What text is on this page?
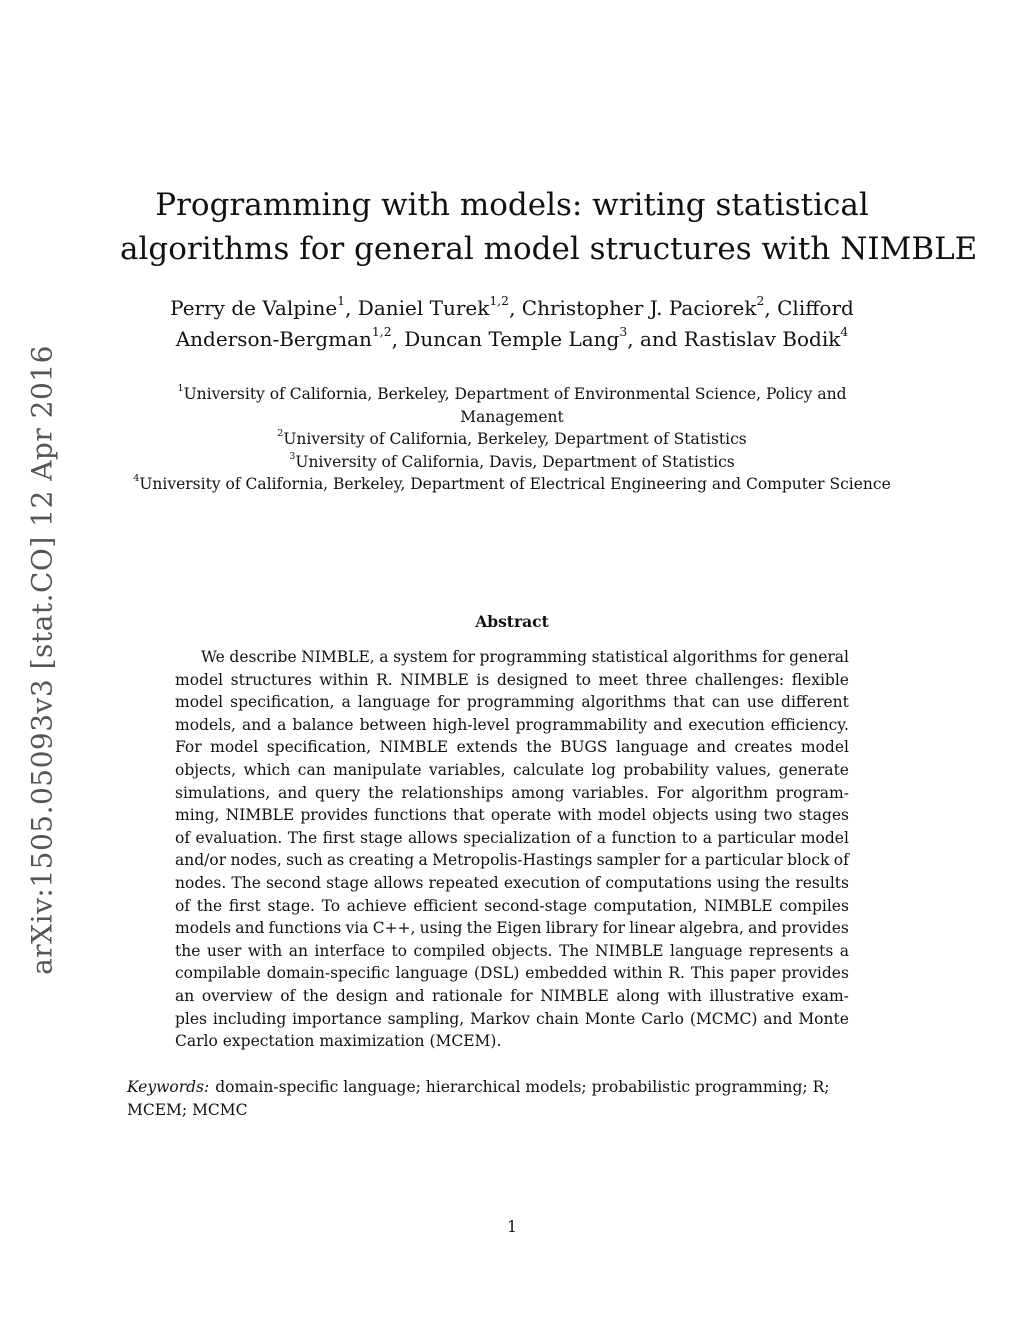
arXiv:1505.05093v3 [stat.CO] 12 Apr 2016
Programming with models: writing statistical
algorithms for general model structures with NIMBLE
Perry de Valpine$^1$, Daniel Turek$^{1,2}$, Christopher J. Paciorek$^2$, Clifford
Anderson-Bergman$^{1,2}$, Duncan Temple Lang$^3$, and Rastislav Bodik$^4$
$^1$University of California, Berkeley, Department of Environmental Science, Policy and
Management
$^2$University of California, Berkeley, Department of Statistics
$^3$University of California, Davis, Department of Statistics
$^4$University of California, Berkeley, Department of Electrical Engineering and Computer Science
Abstract
We describe NIMBLE, a system for programming statistical algorithms for general
model structures within R. NIMBLE is designed to meet three challenges: flexible
model specification, a language for programming algorithms that can use different
models, and a balance between high-level programmability and execution efficiency.
For model specification, NIMBLE extends the BUGS language and creates model
objects, which can manipulate variables, calculate log probability values, generate
simulations, and query the relationships among variables. For algorithm program-
ming, NIMBLE provides functions that operate with model objects using two stages
of evaluation. The first stage allows specialization of a function to a particular model
and/or nodes, such as creating a Metropolis-Hastings sampler for a particular block of
nodes. The second stage allows repeated execution of computations using the results
of the first stage. To achieve efficient second-stage computation, NIMBLE compiles
models and functions via C++, using the Eigen library for linear algebra, and provides
the user with an interface to compiled objects. The NIMBLE language represents a
compilable domain-specific language (DSL) embedded within R. This paper provides
an overview of the design and rationale for NIMBLE along with illustrative exam-
ples including importance sampling, Markov chain Monte Carlo (MCMC) and Monte
Carlo expectation maximization (MCEM).
Keywords: domain-specific language; hierarchical models; probabilistic programming; R;
MCEM; MCMC
1
